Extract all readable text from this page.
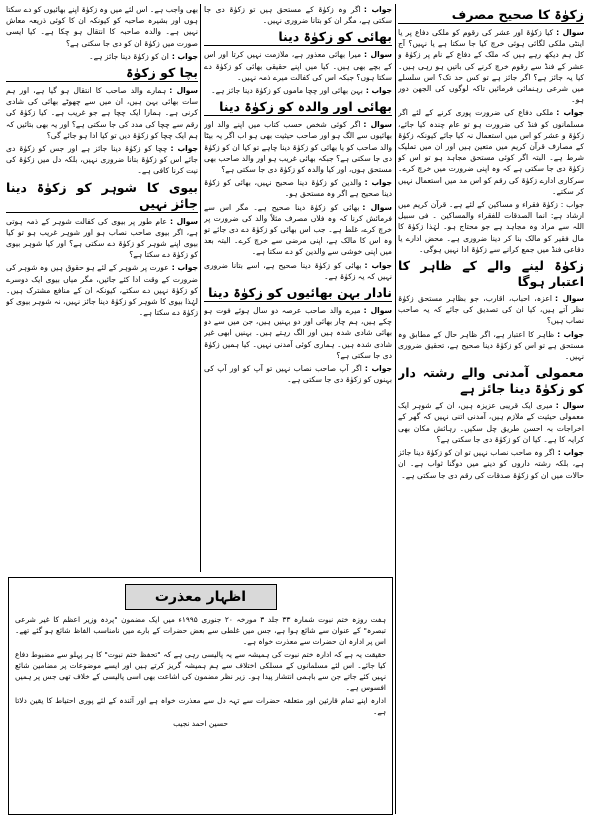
زکوٰۃ کا صحیح مصرف

سوال :کیا زکوٰۃ اور عشر کی رقوم کو ملکی دفاع پر یا اینٹی ملکی لگائی ہوئی خرچ کیا جا سکتا ہے یا نہیں؟ آج کل ہم دیکھ رہے ہیں کہ ملک کے دفاع کے نام پر زکوٰۃ و عشر کے فنڈ سے رقوم خرچ کرنے کی باتیں ہو رہی ہیں۔ کیا یہ جائز ہے؟ اگر جائز ہے تو کس حد تک؟ اس سلسلے میں شرعی رہنمائی فرمائیں تاکہ لوگوں کی الجھن دور ہو۔

جواب :ملکی دفاع کی ضرورت پوری کرنے کے لئے اگر مسلمانوں کو فنڈ کی ضرورت ہو تو عام چندہ کیا جائے، زکوٰۃ و عشر کو اس میں استعمال نہ کیا جائے کیونکہ زکوٰۃ کے مصارف قرآن کریم میں متعین ہیں اور ان میں تملیک شرط ہے۔ البتہ اگر کوئی مستحق مجاہد ہو تو اس کو زکوٰۃ دی جا سکتی ہے کہ وہ اپنی ضرورت میں خرچ کرے۔ سرکاری ادارے زکوٰۃ کی رقم کو اس مد میں استعمال نہیں کر سکتے۔

جواب : زکوٰۃ فقراء و مساکین کے لئے ہے۔ قرآن کریم میں ارشاد ہے: انما الصدقات للفقراء والمساکین ۔ فی سبیل اللہ سے مراد وہ مجاہد ہے جو محتاج ہو۔ لہٰذا زکوٰۃ کا مال فقیر کو مالک بنا کر دینا ضروری ہے۔ محض ادارے یا دفاعی فنڈ میں جمع کرانے سے زکوٰۃ ادا نہیں ہوگی۔

زکوٰۃ لینے والے کے ظاہر کا اعتبار ہوگا

سوال :اعزہ، احباب، اقارب، جو بظاہر مستحق زکوٰۃ نظر آتے ہیں، کیا ان کی تصدیق کی جائے کہ یہ صاحب نصاب ہیں؟

جواب :ظاہر کا اعتبار ہے، اگر ظاہر حال کے مطابق وہ مستحق ہے تو اس کو زکوٰۃ دینا صحیح ہے، تحقیق ضروری نہیں۔

معمولی آمدنی والے رشتہ دار کو زکوٰۃ دینا جائز ہے

سوال :میری ایک قریبی عزیزہ ہیں، ان کے شوہر ایک معمولی حیثیت کے ملازم ہیں، آمدنی اتنی نہیں کہ گھر کے اخراجات بہ احسن طریق چل سکیں۔ رہائش مکان بھی کرایہ کا ہے۔ کیا ان کو زکوٰۃ دی جا سکتی ہے؟

جواب :اگر وہ صاحب نصاب نہیں تو ان کو زکوٰۃ دینا جائز ہے، بلکہ رشتہ داروں کو دینے میں دوگنا ثواب ہے۔ ان حالات میں ان کو زکوٰۃ صدقات کی رقم دی جا سکتی ہے۔

جواب :اگر وہ زکوٰۃ کے مستحق ہیں تو زکوٰۃ دی جا سکتی ہے، مگر ان کو بتانا ضروری نہیں۔

بھائی کو زکوٰۃ دینا

سوال :میرا بھائی معذور ہے، ملازمت نہیں کرتا اور اس کے بچے بھی ہیں۔ کیا میں اپنے حقیقی بھائی کو زکوٰۃ دے سکتا ہوں؟ جبکہ اس کی کفالت میرے ذمہ نہیں۔

جواب :بہن بھائی اور چچا ماموں کو زکوٰۃ دینا جائز ہے۔

بھائی اور والدہ کو زکوٰۃ دینا

سوال :اگر کوئی شخص حسب کتاب میں اپنے والد اور بھائیوں سے الگ ہو اور صاحب حیثیت بھی ہو اب اگر یہ بیٹا والد صاحب کو یا بھائی کو زکوٰۃ دینا چاہے تو کیا ان کو زکوٰۃ دی جا سکتی ہے؟ جبکہ بھائی غریب ہو اور والد صاحب بھی مستحق ہوں، اور کیا والدہ کو زکوٰۃ دی جا سکتی ہے؟

جواب :والدین کو زکوٰۃ دینا صحیح نہیں، بھائی کو زکوٰۃ دینا صحیح ہے اگر وہ مستحق ہو۔

سوال :بھائی کو زکوٰۃ دینا صحیح ہے۔ مگر اس سے فرمائش کرنا کہ وہ فلاں مصرف مثلاً والد کی ضرورت پر خرچ کرے، غلط ہے۔ جب اس بھائی کو زکوٰۃ دے دی جائے تو وہ اس کا مالک ہے، اپنی مرضی سے خرچ کرے۔ البتہ بعد میں اپنی خوشی سے والدین کو دے سکتا ہے۔

جواب :بھائی کو زکوٰۃ دینا صحیح ہے، اسے بتانا ضروری نہیں کہ یہ زکوٰۃ ہے۔

نادار بہن بھائیوں کو زکوٰۃ دینا

سوال :میرے والد صاحب عرصہ دو سال ہوئے فوت ہو چکے ہیں، ہم چار بھائی اور دو بہنیں ہیں، جن میں سے دو بھائی شادی شدہ ہیں اور الگ رہتے ہیں۔ بہنیں ابھی غیر شادی شدہ ہیں۔ ہماری کوئی آمدنی نہیں۔ کیا ہمیں زکوٰۃ دی جا سکتی ہے؟

جواب :اگر آپ صاحب نصاب نہیں تو آپ کو اور آپ کی بہنوں کو زکوٰۃ دی جا سکتی ہے۔

بھی واجب ہے۔ اس لئے میں وہ زکوٰۃ اپنے بھائیوں کو دے سکتا ہوں اور بشیرہ صاحبہ کو کیونکہ ان کا کوئی ذریعہ معاش نہیں ہے۔ والدہ صاحبہ کا انتقال ہو چکا ہے۔ کیا ایسی صورت میں زکوٰۃ ان کو دی جا سکتی ہے؟

جواب :ان کو زکوٰۃ دینا جائز ہے۔

بچا کو زکوٰۃ

سوال :ہمارے والد صاحب کا انتقال ہو گیا ہے، اور ہم سات بھائی بہن ہیں، ان میں سے چھوٹے بھائی کی شادی کرنی ہے۔ ہمارا ایک چچا ہے جو غریب ہے۔ کیا زکوٰۃ کی رقم سے چچا کی مدد کی جا سکتی ہے؟ اور یہ بھی بتائیں کہ ہم ایک چچا کو زکوٰۃ دیں تو کیا ادا ہو جائے گی؟

جواب :چچا کو زکوٰۃ دینا جائز ہے اور جس کو زکوٰۃ دی جائے اس کو زکوٰۃ بتانا ضروری نہیں، بلکہ دل میں زکوٰۃ کی نیت کرنا کافی ہے۔

بیوی کا شوہر کو زکوٰۃ دینا جائز نہیں

سوال :عام طور پر بیوی کی کفالت شوہر کے ذمہ ہوتی ہے، اگر بیوی صاحب نصاب ہو اور شوہر غریب ہو تو کیا بیوی اپنے شوہر کو زکوٰۃ دے سکتی ہے؟ اور کیا شوہر بیوی کو زکوٰۃ دے سکتا ہے؟

جواب :عورت پر شوہر کے لئے ہو حقوق ہیں وہ شوہر کی ضرورت کے وقت ادا کئے جائیں، مگر میاں بیوی ایک دوسرے کو زکوٰۃ نہیں دے سکتے، کیونکہ ان کے منافع مشترک ہیں۔ لہٰذا بیوی کا شوہر کو زکوٰۃ دینا جائز نہیں، نہ شوہر بیوی کو زکوٰۃ دے سکتا ہے۔

اظہار معذرت

ہفت روزہ ختم نبوت شمارہ ۳۳ جلد ۳ مورخہ ۲۰ جنوری ۱۹۹۵ء میں ایک مضمون "پردہ وزیر اعظم کا غیر شرعی تبصرہ" کے عنوان سے شائع ہوا ہے، جس میں غلطی سے بعض حضرات کے بارے میں نامناسب الفاظ شائع ہو گئے تھے۔ اس پر ادارہ ان حضرات سے معذرت خواہ ہے۔

حقیقت یہ ہے کہ ادارہ ختم نبوت کی ہمیشہ سے یہ پالیسی رہی ہے کہ "تحفظ ختم نبوت" کا ہر پہلو سے مضبوط دفاع کیا جائے۔ اس لئے مسلمانوں کے مسلکی اختلاف سے ہم ہمیشہ گریز کرتے ہیں اور ایسے موضوعات پر مضامین شائع نہیں کئے جاتے جن سے باہمی انتشار پیدا ہو۔ زیر نظر مضمون کی اشاعت بھی اسی پالیسی کے خلاف تھی جس پر ہمیں افسوس ہے۔

ادارہ اپنے تمام قارئین اور متعلقہ حضرات سے تہہ دل سے معذرت خواہ ہے اور آئندہ کے لئے پوری احتیاط کا یقین دلاتا ہے۔

حسین احمد نجیب
